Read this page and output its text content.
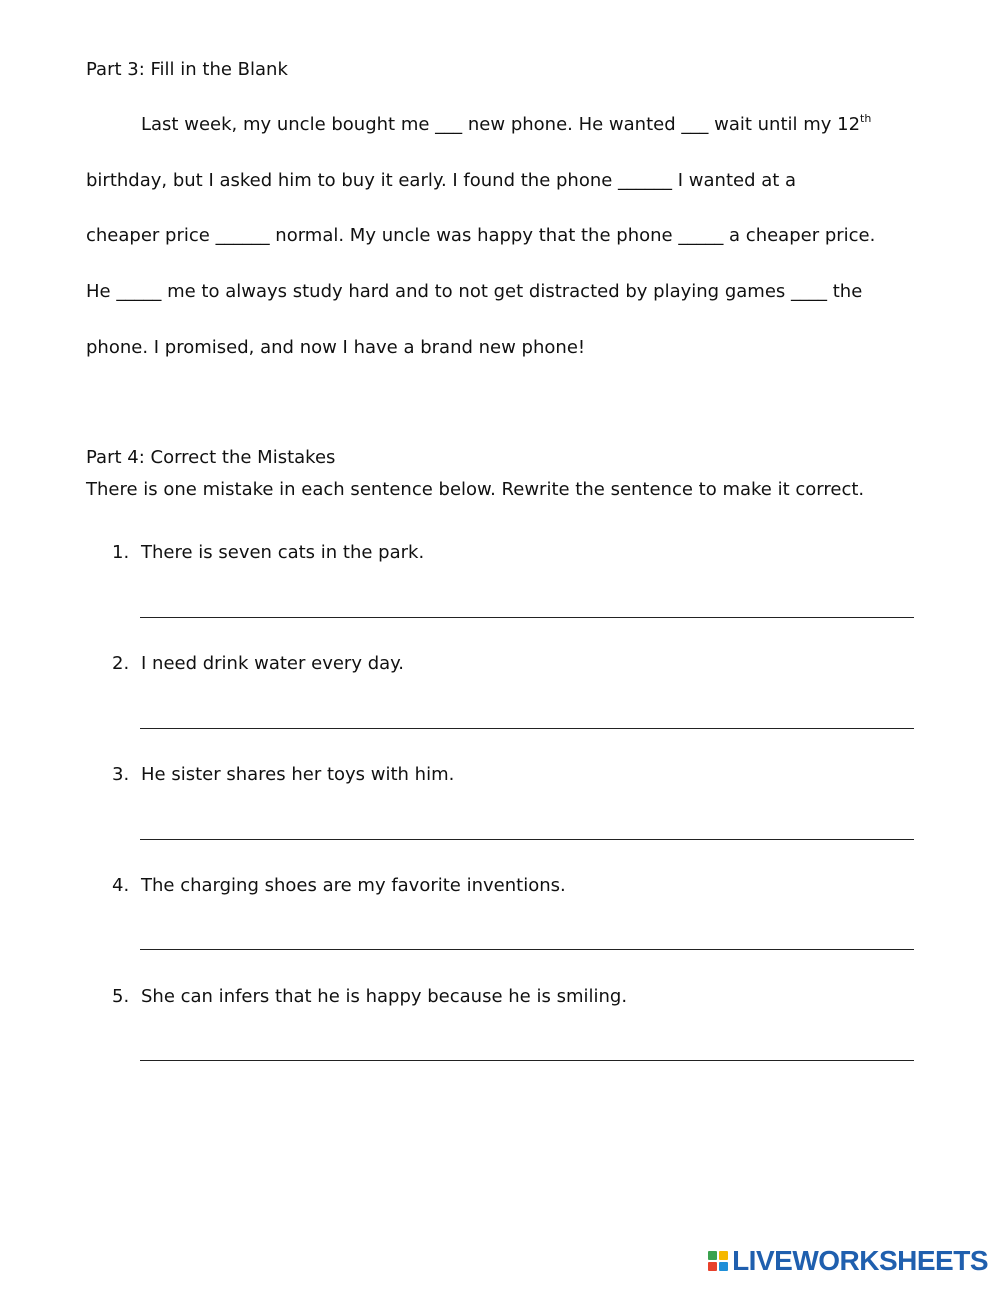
Part 3: Fill in the Blank
Last week, my uncle bought me ___ new phone. He wanted ___ wait until my 12th
birthday, but I asked him to buy it early. I found the phone ______ I wanted at a
cheaper price ______ normal. My uncle was happy that the phone _____ a cheaper price.
He _____ me to always study hard and to not get distracted by playing games ____ the
phone. I promised, and now I have a brand new phone!
Part 4: Correct the Mistakes
There is one mistake in each sentence below. Rewrite the sentence to make it correct.
1. There is seven cats in the park.
2. I need drink water every day.
3. He sister shares her toys with him.
4. The charging shoes are my favorite inventions.
5. She can infers that he is happy because he is smiling.
LIVEWORKSHEETS
